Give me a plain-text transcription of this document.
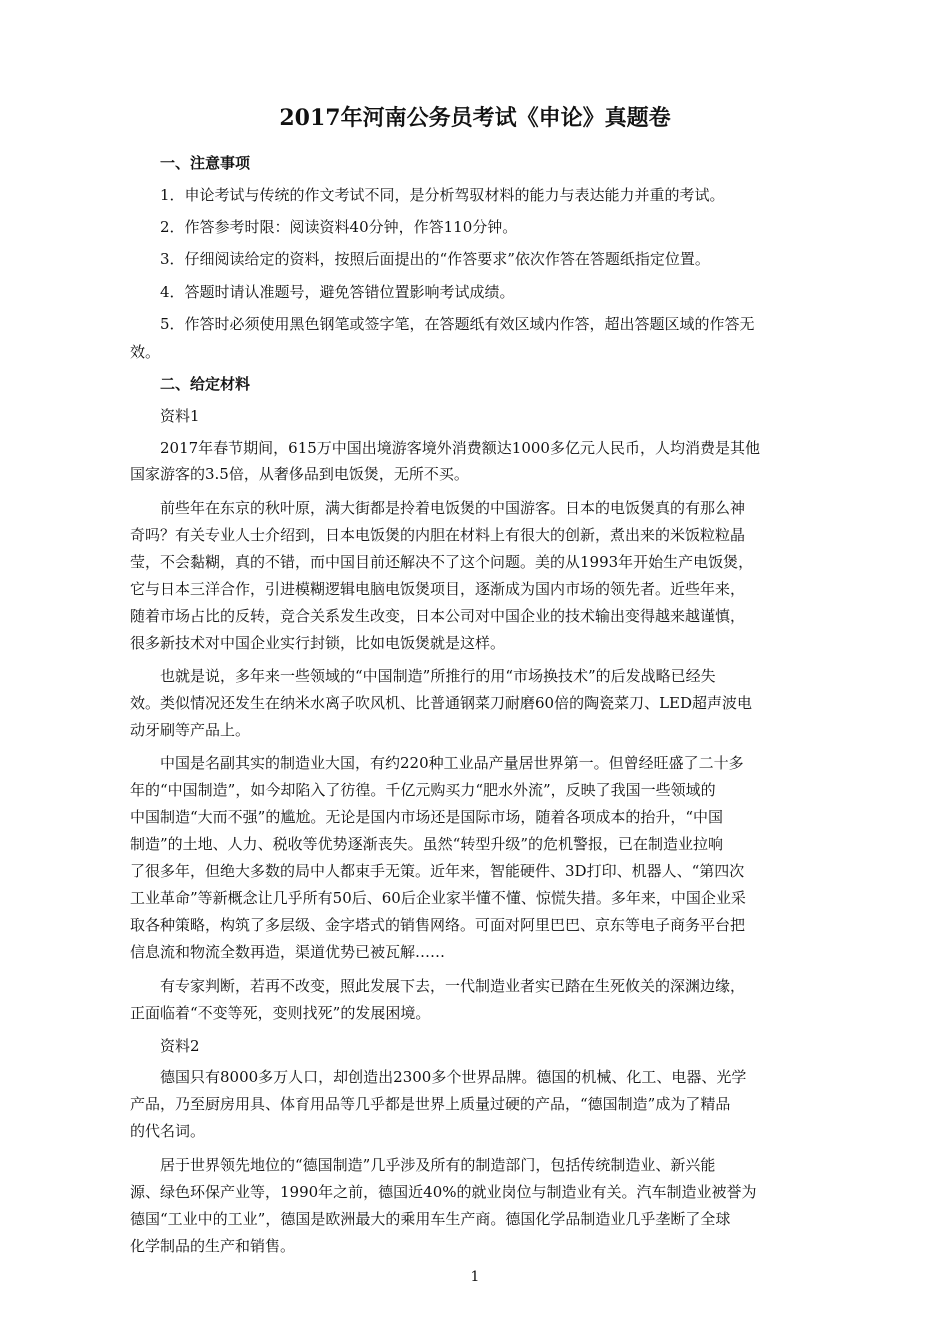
2017年河南公务员考试《申论》真题卷
一、注意事项
1．申论考试与传统的作文考试不同，是分析驾驭材料的能力与表达能力并重的考试。
2．作答参考时限：阅读资料40分钟，作答110分钟。
3．仔细阅读给定的资料，按照后面提出的“作答要求”依次作答在答题纸指定位置。
4．答题时请认准题号，避免答错位置影响考试成绩。
5．作答时必须使用黑色钢笔或签字笔，在答题纸有效区域内作答，超出答题区域的作答无
效。
二、给定材料
资料1
2017年春节期间，615万中国出境游客境外消费额达1000多亿元人民币，人均消费是其他
国家游客的3.5倍，从奢侈品到电饭煲，无所不买。
前些年在东京的秋叶原，满大街都是拎着电饭煲的中国游客。日本的电饭煲真的有那么神
奇吗？有关专业人士介绍到，日本电饭煲的内胆在材料上有很大的创新，煮出来的米饭粒粒晶
莹，不会黏糊，真的不错，而中国目前还解决不了这个问题。美的从1993年开始生产电饭煲，
它与日本三洋合作，引进模糊逻辑电脑电饭煲项目，逐渐成为国内市场的领先者。近些年来，
随着市场占比的反转，竞合关系发生改变，日本公司对中国企业的技术输出变得越来越谨慎，
很多新技术对中国企业实行封锁，比如电饭煲就是这样。
也就是说，多年来一些领域的“中国制造”所推行的用“市场换技术”的后发战略已经失
效。类似情况还发生在纳米水离子吹风机、比普通钢菜刀耐磨60倍的陶瓷菜刀、LED超声波电
动牙刷等产品上。
中国是名副其实的制造业大国，有约220种工业品产量居世界第一。但曾经旺盛了二十多
年的“中国制造”，如今却陷入了彷徨。千亿元购买力“肥水外流”，反映了我国一些领域的
中国制造“大而不强”的尴尬。无论是国内市场还是国际市场，随着各项成本的抬升，“中国
制造”的土地、人力、税收等优势逐渐丧失。虽然“转型升级”的危机警报，已在制造业拉响
了很多年，但绝大多数的局中人都束手无策。近年来，智能硬件、3D打印、机器人、“第四次
工业革命”等新概念让几乎所有50后、60后企业家半懂不懂、惊慌失措。多年来，中国企业采
取各种策略，构筑了多层级、金字塔式的销售网络。可面对阿里巴巴、京东等电子商务平台把
信息流和物流全数再造，渠道优势已被瓦解……
有专家判断，若再不改变，照此发展下去，一代制造业者实已踏在生死攸关的深渊边缘，
正面临着“不变等死，变则找死”的发展困境。
资料2
德国只有8000多万人口，却创造出2300多个世界品牌。德国的机械、化工、电器、光学
产品，乃至厨房用具、体育用品等几乎都是世界上质量过硬的产品，“德国制造”成为了精品
的代名词。
居于世界领先地位的“德国制造”几乎涉及所有的制造部门，包括传统制造业、新兴能
源、绿色环保产业等，1990年之前，德国近40%的就业岗位与制造业有关。汽车制造业被誉为
德国“工业中的工业”，德国是欧洲最大的乘用车生产商。德国化学品制造业几乎垄断了全球
化学制品的生产和销售。
1
